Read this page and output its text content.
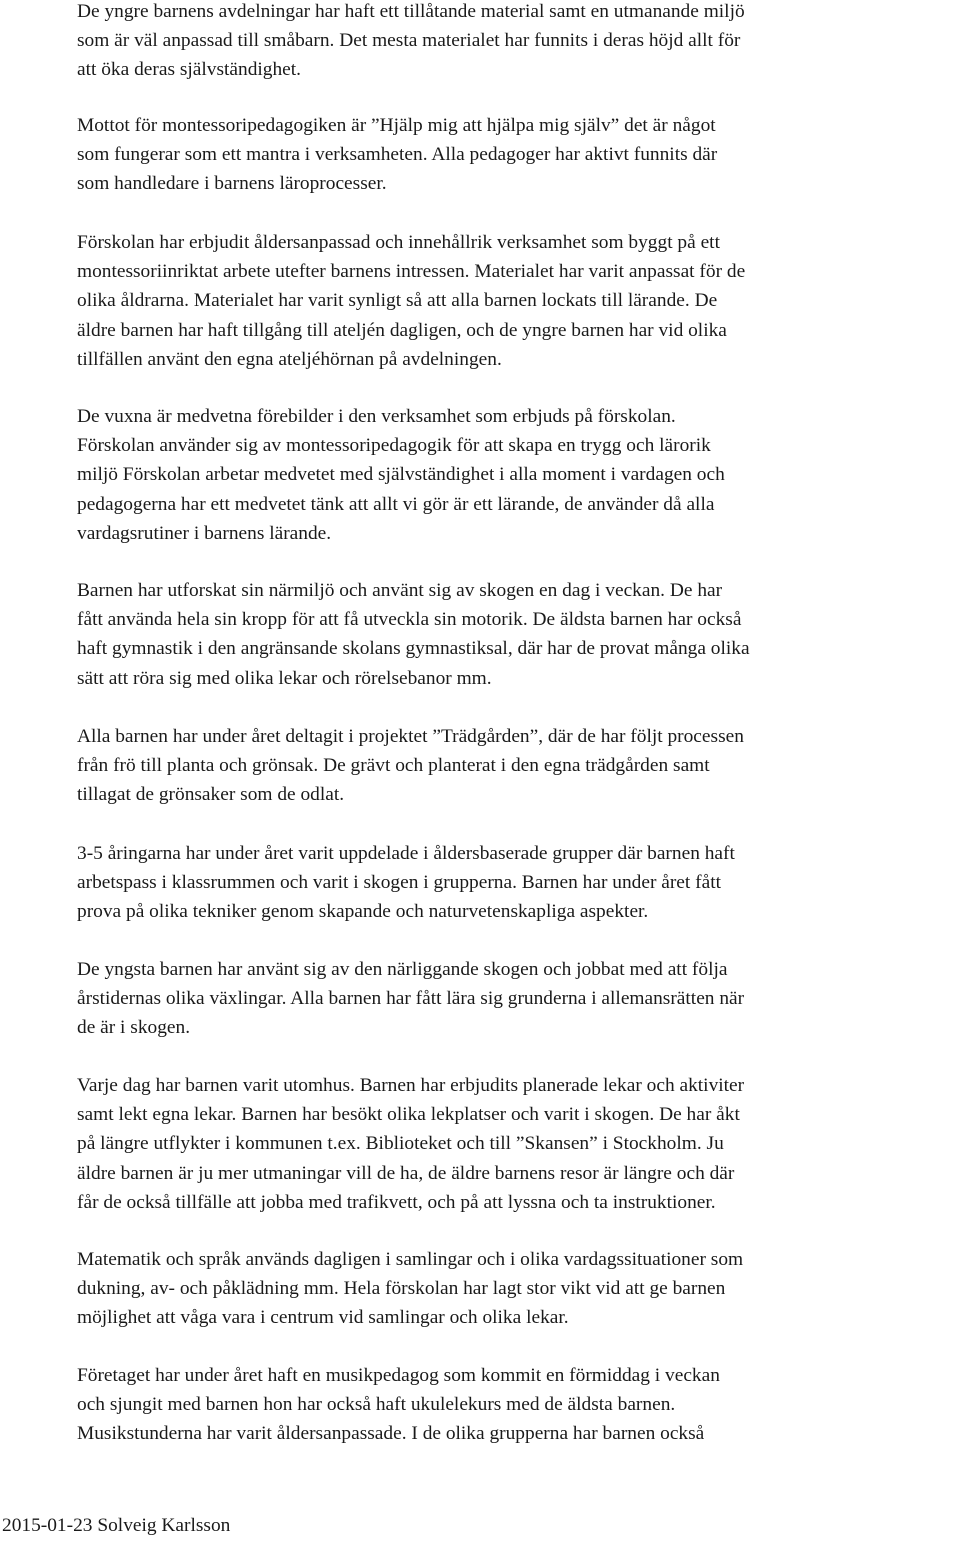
De yngre barnens avdelningar har haft ett tillåtande material samt en utmanande miljö
som är väl anpassad till småbarn. Det mesta materialet har funnits i deras höjd allt för
att öka deras självständighet.

Mottot för montessoripedagogiken är ”Hjälp mig att hjälpa mig själv” det är något
som fungerar som ett mantra i verksamheten. Alla pedagoger har aktivt funnits där
som handledare i barnens läroprocesser.

Förskolan har erbjudit åldersanpassad och innehållrik verksamhet som byggt på ett
montessoriinriktat arbete utefter barnens intressen. Materialet har varit anpassat för de
olika åldrarna. Materialet har varit synligt så att alla barnen lockats till lärande. De
äldre barnen har haft tillgång till ateljén dagligen, och de yngre barnen har vid olika
tillfällen använt den egna ateljéhörnan på avdelningen.

De vuxna är medvetna förebilder i den verksamhet som erbjuds på förskolan.
Förskolan använder sig av montessoripedagogik för att skapa en trygg och lärorik
miljö Förskolan arbetar medvetet med självständighet i alla moment i vardagen och
pedagogerna har ett medvetet tänk att allt vi gör är ett lärande, de använder då alla
vardagsrutiner i barnens lärande.

Barnen har utforskat sin närmiljö och använt sig av skogen en dag i veckan. De har
fått använda hela sin kropp för att få utveckla sin motorik. De äldsta barnen har också
haft gymnastik i den angränsande skolans gymnastiksal, där har de provat många olika
sätt att röra sig med olika lekar och rörelsebanor mm.

Alla barnen har under året deltagit i projektet ”Trädgården”, där de har följt processen
från frö till planta och grönsak. De grävt och planterat i den egna trädgården samt
tillagat de grönsaker som de odlat.

3-5 åringarna har under året varit uppdelade i åldersbaserade grupper där barnen haft
arbetspass i klassrummen och varit i skogen i grupperna. Barnen har under året fått
prova på olika tekniker genom skapande och naturvetenskapliga aspekter.

De yngsta barnen har använt sig av den närliggande skogen och jobbat med att följa
årstidernas olika växlingar. Alla barnen har fått lära sig grunderna i allemansrätten när
de är i skogen.

Varje dag har barnen varit utomhus. Barnen har erbjudits planerade lekar och aktiviter
samt lekt egna lekar. Barnen har besökt olika lekplatser och varit i skogen. De har åkt
på längre utflykter i kommunen t.ex. Biblioteket och till ”Skansen” i Stockholm. Ju
äldre barnen är ju mer utmaningar vill de ha, de äldre barnens resor är längre och där
får de också tillfälle att jobba med trafikvett, och på att lyssna och ta instruktioner.

Matematik och språk används dagligen i samlingar och i olika vardagssituationer som
dukning, av- och påklädning mm. Hela förskolan har lagt stor vikt vid att ge barnen
möjlighet att våga vara i centrum vid samlingar och olika lekar.

Företaget har under året haft en musikpedagog som kommit en förmiddag i veckan
och sjungit med barnen hon har också haft ukulelekurs med de äldsta barnen.
Musikstunderna har varit åldersanpassade. I de olika grupperna har barnen också

2015-01-23 Solveig Karlsson
